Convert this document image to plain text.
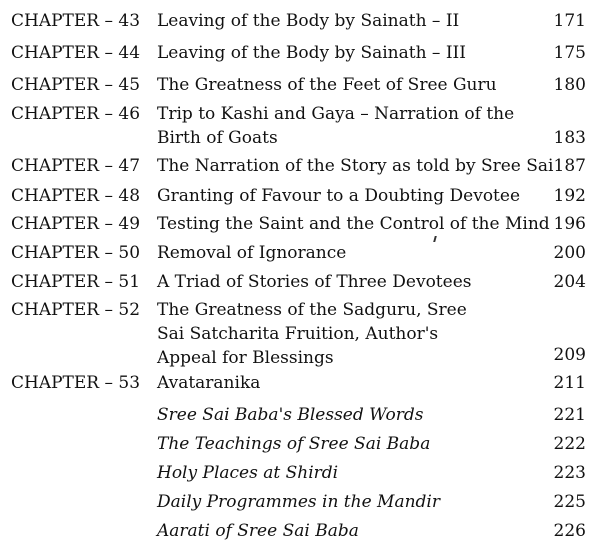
CHAPTER – 43 Leaving of the Body by Sainath – II	171
CHAPTER – 44 Leaving of the Body by Sainath – III	175
CHAPTER – 45 The Greatness of the Feet of Sree Guru	180
CHAPTER – 46 Trip to Kashi and Gaya – Narration of the
Birth of Goats	183
CHAPTER – 47 The Narration of the Story as told by Sree Sai 187
CHAPTER – 48 Granting of Favour to a Doubting Devotee	192
CHAPTER – 49 Testing the Saint and the Control of the Mind 196
CHAPTER – 50 Removal of Ignorance	200
CHAPTER – 51 A Triad of Stories of Three Devotees	204
CHAPTER – 52 The Greatness of the Sadguru, Sree
Sai Satcharita Fruition, Author's
Appeal for Blessings	209
CHAPTER – 53 Avataranika	211
Sree Sai Baba's Blessed Words	221
The Teachings of Sree Sai Baba	222
Holy Places at Shirdi	223
Daily Programmes in the Mandir	225
Aarati of Sree Sai Baba	226
